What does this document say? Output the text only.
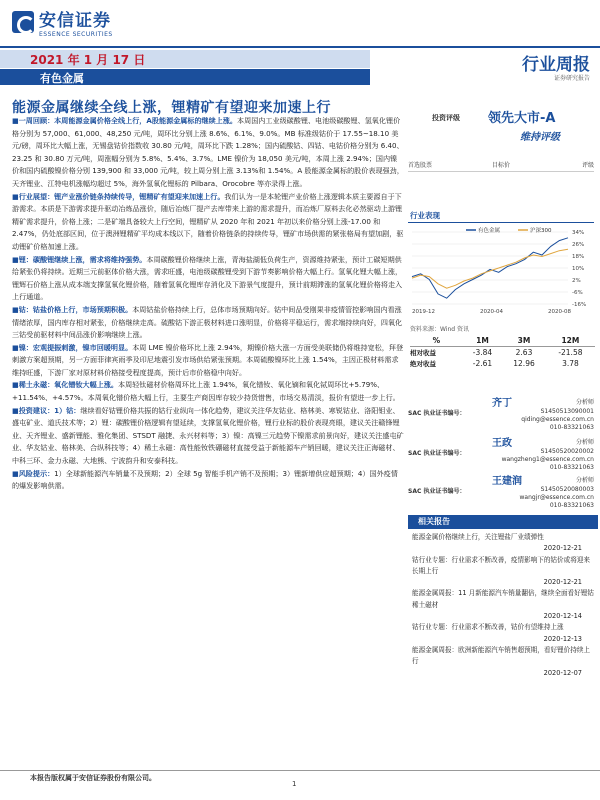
安信证券
ESSENCE SECURITIES
2021 年 1 月 17 日
有色金属
行业周报
证券研究报告
能源金属继续全线上涨，锂精矿有望迎来加速上行

■一周回顾：本周能源金属价格全线上行，A股能源金属标的继续上涨。本周国内工业级碳酸锂、电池级碳酸锂、氢氧化锂价格分别为 57,000、61,000、48,250 元/吨，周环比分别上涨 8.6%、6.1%、9.0%。MB 标准级钴价于 17.55~18.10 美元/磅，周环比大幅上涨，无锡盘钴价指数收 30.80 元/吨，周环比下跌 1.28%；国内硫酸钴、四钴、电钴价格分别为 6.40、23.25 和 30.80 万元/吨，周涨幅分别为 5.8%、5.4%、3.7%。LME 镍价为 18,050 美元/吨，本周上涨 2.94%；国内镍价和国内硫酸镍价格分别 139,900 和 33,000 元/吨，较上周分别上涨 3.13%和 1.54%。A 股能源金属标的股价表现强劲，天齐锂业、江特电机涨幅均超过 5%，海外氢氧化锂标的 Pilbara、Orocobre 等亦录得上涨。

■行业展望：锂产业涨价链条持续传导，锂精矿有望迎来加速上行。我们认为一是本轮锂产业价格上涨逻辑本质主要源自于下游需求。本质是下游需求提升驱动冶炼品涨价，随后冶炼厂提产去库带来上游的需求提升，而冶炼厂原料去化必然驱动上游锂精矿需求提升，价格上涨；二是矿端具备较大上行空间，锂精矿从 2020 年和 2021 年初以来价格分别上涨-17.00 和 2.47%，仍处底部区间，位于澳洲锂精矿平均成本线以下，随着价格链条的持续传导，锂矿市场供需的紧张格局有望加剧，驱动锂矿价格加速上涨。

■锂：碳酸锂继续上涨，需求将维持强势。本周碳酸锂价格继续上涨，青海盐湖低负荷生产，资源维持紧张，预计工碳短期供给紧张仍将持续。近期三元前驱体价格大涨，需求旺盛，电池级碳酸锂受到下游节奏影响价格大幅上行。氢氧化锂大幅上涨，锂辉石价格上涨从成本端支撑氢氧化锂价格，随着氢氧化锂库存消化及下游景气度提升，预计前期滞涨的氢氧化锂价格将走入上行通道。

■钴：钴盐价格上行，市场预期积极。本周钴盐价格持续上行，总体市场预期向好。钴中间品受刚果非疫情管控影响国内看涨情绪浓厚，国内库存相对紧张，价格继续走高。硫酸钴下游正极材料进口涨明显，价格将平稳运行，需求端持续向好，四氧化三钴受前驱材料中间品涨价影响继续上涨。

■镍：宏观提振刺激，镍市回暖明显。本周 LME 镍价格环比上涨 2.94%，期镍价格大涨一方面受美联储仍将维持宽松，拜登刺激方案超预期，另一方面菲律宾雨季及印尼地震引发市场供给紧张预期。本周硫酸镍环比上涨 1.54%，主因正极材料需求维持旺盛，下游厂家对原材料价格接受程度提高，预计后市价格稳中向好。

■稀土永磁：氧化镨钕大幅上涨。本周轻钛磁材价格周环比上涨 1.94%，氧化镨钕、氧化镝和氧化铽周环比+5.79%、+11.54%、+4.57%。本周氧化镨价格大幅上行，主要生产商因库存较少持货惜售，市场交易清淡，报价有望进一步上行。

■投资建议：1）钴：继续看好钴锂价格共振的钴行业纵向一体化趋势，建议关注华友钴业、格林美、寒锐钴业、洛阳钼业、盛屯矿业、道氏技术等；2）锂：碳酸锂价格逻辑有望延续，支撑氢氧化锂价格，锂行业标的股价表现亮眼，建议关注赣锋锂业、天齐锂业、盛新锂能、雅化集团、STSDT 融捷、永兴材料等；3）镍：高镍三元趋势下镍需求前景向好，建议关注盛屯矿业、华友钴业、格林美、合纵科技等；4）稀土永磁：高性能钕铁硼磁材直接受益于新能源车产销回暖，建议关注正海磁材、中科三环、金力永磁、大地熊、宁波韵升和安泰科技。

■风险提示：1）全球新能源汽车销量不及预期；2）全球 5g 智能手机产销不及预期；3）锂新增供应超预期；4）国外疫情的爆发影响供需。

投资评级 领先大市-A
维持评级
首选股票	目标价	评级
行业表现
34%
26%
18%
10%
2%
-6%
-16%
2019-12	2020-04	2020-08
有色金属	沪深300
资料来源：Wind 资讯
%	1M	3M	12M
相对收益	-3.84	2.63	-21.58
绝对收益	-2.61	12.96	3.78
齐丁	分析师
SAC 执业证书编号：	S1450513090001
qiding@essence.com.cn
010-83321063
王政	分析师
SAC 执业证书编号：	S1450520020002
wangzheng1@essence.com.cn
010-83321063
王建润	分析师
SAC 执业证书编号：	S1450520080003
wangjr@essence.com.cn
010-83321063
相关报告
能源金属价格继续上行，关注锂盐厂业绩弹性
2020-12-21
钴行业专题：行业需求不断改善，疫情影响下的钴价或将迎来长期上行
2020-12-21
能源金属周报：11 月新能源汽车销量翻倍，继续全面看好锂钴稀土磁材
2020-12-14
钴行业专题：行业需求不断改善，钴价有望维持上涨
2020-12-13
能源金属周报：欧洲新能源汽车销售超预期，看好锂价持续上行
2020-12-07
本报告版权属于安信证券股份有限公司。
1
